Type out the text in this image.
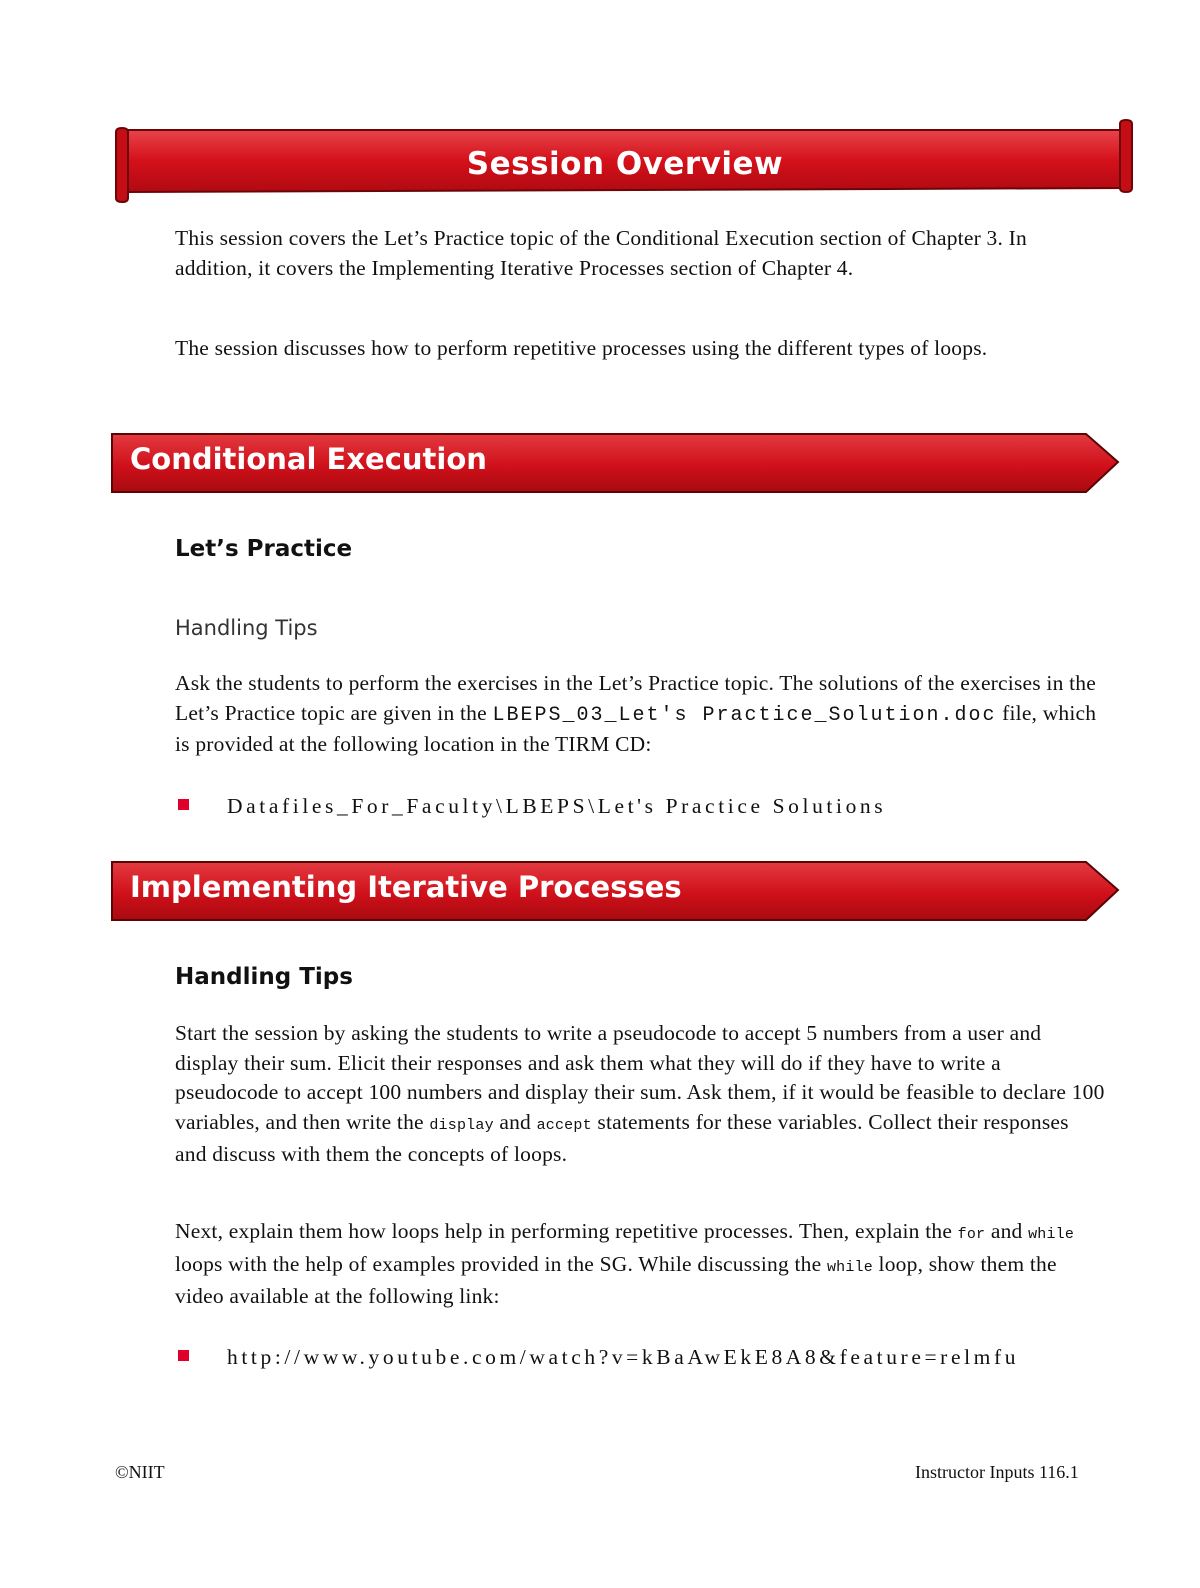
Session Overview

This session covers the Let’s Practice topic of the Conditional Execution section of Chapter 3. In addition, it covers the Implementing Iterative Processes section of Chapter 4.

The session discusses how to perform repetitive processes using the different types of loops.

Conditional Execution
Let’s Practice
Handling Tips

Ask the students to perform the exercises in the Let’s Practice topic. The solutions of the exercises in the Let’s Practice topic are given in the LBEPS_03_Let's Practice_Solution.doc file, which is provided at the following location in the TIRM CD:

Datafiles_For_Faculty\LBEPS\Let's Practice Solutions
Implementing Iterative Processes
Handling Tips

Start the session by asking the students to write a pseudocode to accept 5 numbers from a user and display their sum. Elicit their responses and ask them what they will do if they have to write a pseudocode to accept 100 numbers and display their sum. Ask them, if it would be feasible to declare 100 variables, and then write the display and accept statements for these variables. Collect their responses and discuss with them the concepts of loops.

Next, explain them how loops help in performing repetitive processes. Then, explain the for and while loops with the help of examples provided in the SG. While discussing the while loop, show them the video available at the following link:

http://www.youtube.com/watch?v=kBaAwEkE8A8&feature=relmfu
©NIIT	Instructor Inputs 116.1
